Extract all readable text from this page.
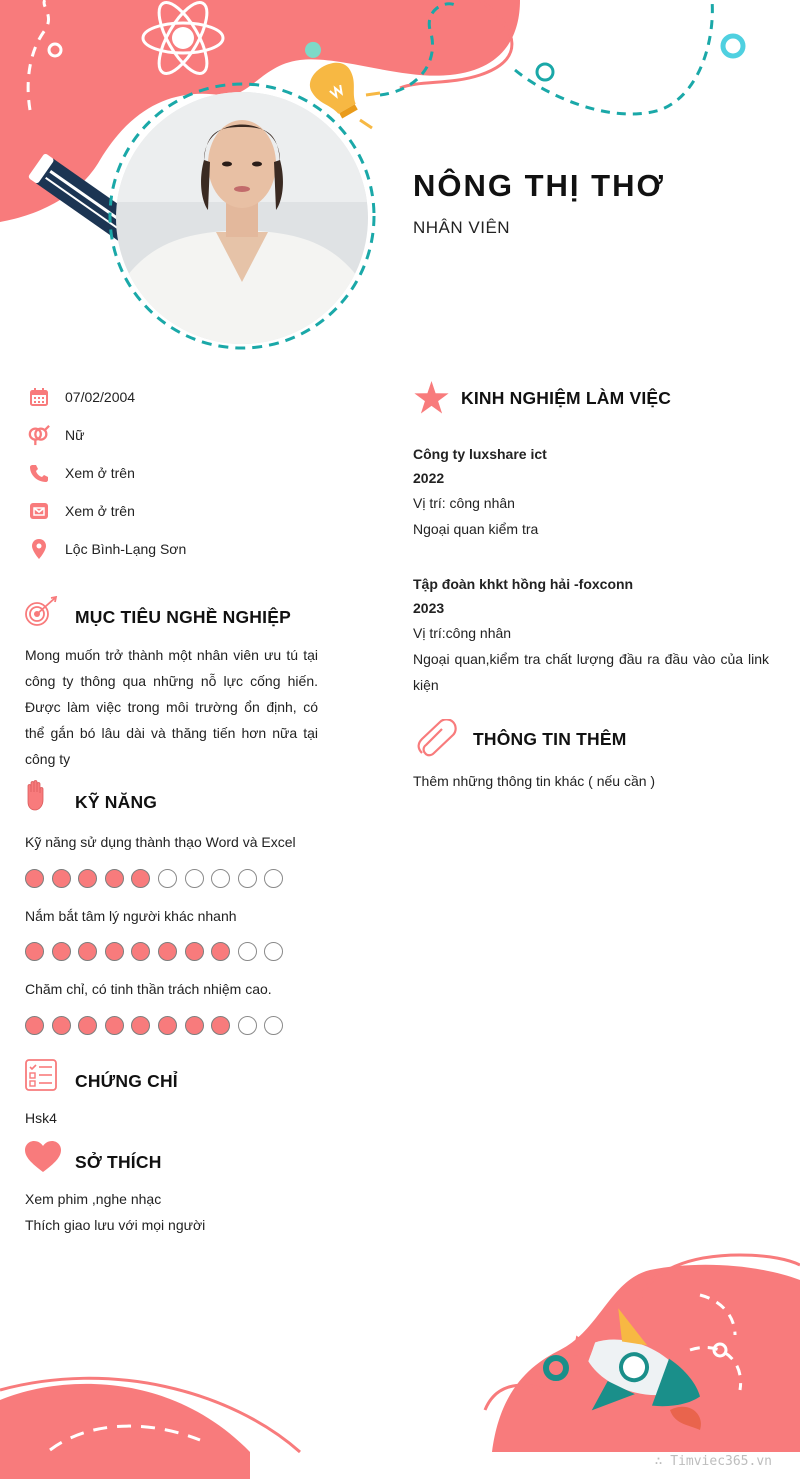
NÔNG THỊ THƠ
NHÂN VIÊN
07/02/2004
Nữ
Xem ở trên
Xem ở trên
Lộc Bình-Lạng Sơn
MỤC TIÊU NGHỀ NGHIỆP
Mong muốn trở thành một nhân viên ưu tú tại công ty thông qua những nỗ lực cống hiến. Được làm việc trong môi trường ổn định, có thể gắn bó lâu dài và thăng tiến hơn nữa tại công ty
KỸ NĂNG
Kỹ năng sử dụng thành thạo Word và Excel
Nắm bắt tâm lý người khác nhanh
Chăm chỉ, có tinh thần trách nhiệm cao.
CHỨNG CHỈ
Hsk4
SỞ THÍCH
Xem phim ,nghe nhạc
Thích giao lưu với mọi người
KINH NGHIỆM LÀM VIỆC
Công ty luxshare ict
2022
Vị trí: công nhân
Ngoại quan kiểm tra
Tập đoàn khkt hồng hải -foxconn
2023
Vị trí:công nhân
Ngoại quan,kiểm tra chất lượng đầu ra đầu vào của link kiện
THÔNG TIN THÊM
Thêm những thông tin khác ( nếu cần )
∴ Timviec365.vn
